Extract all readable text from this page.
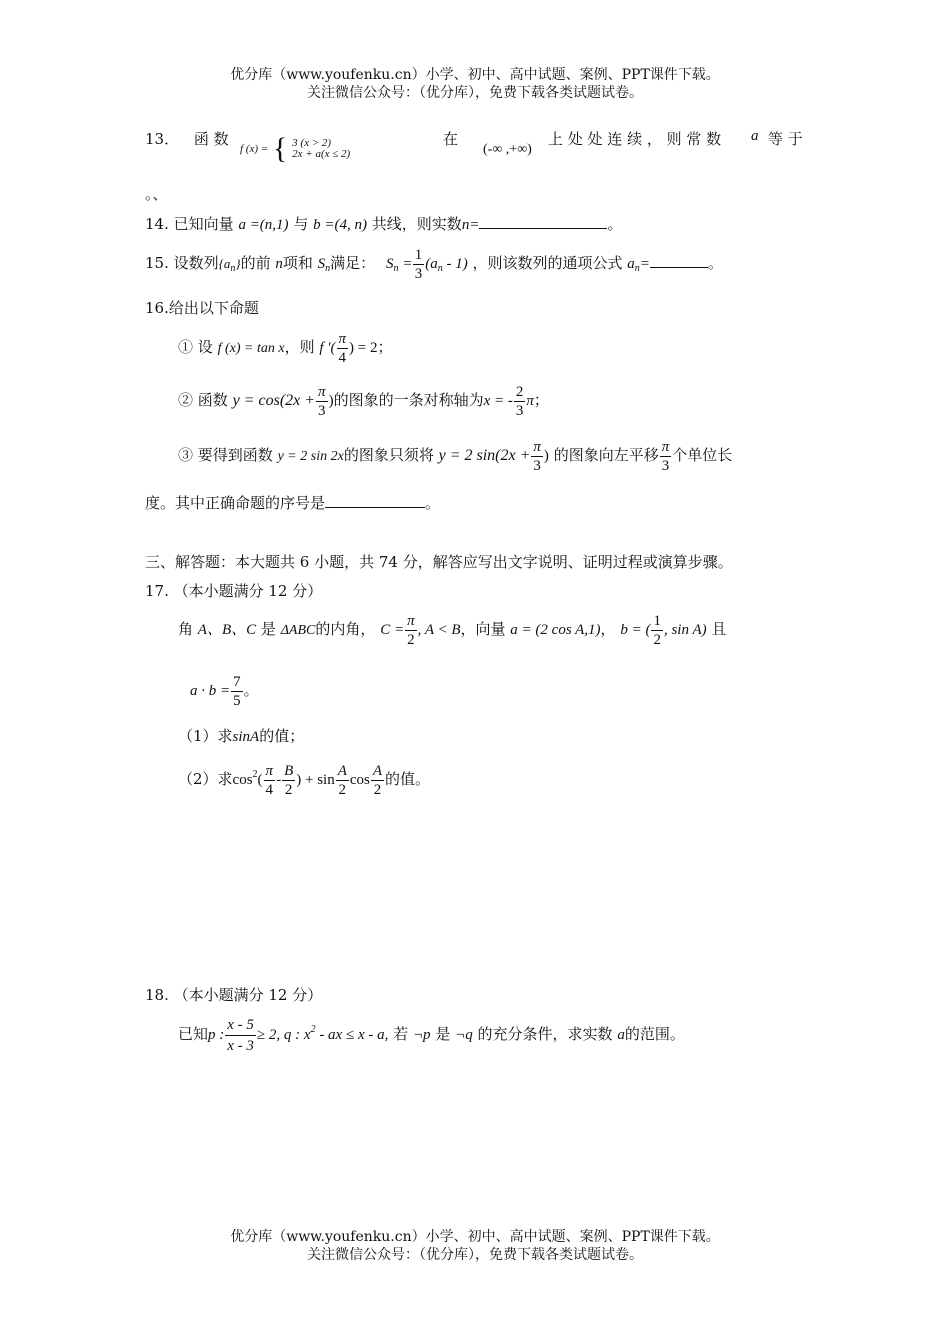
优分库（www.youfenku.cn）小学、初中、高中试题、案例、PPT课件下载。
关注微信公众号：（优分库），免费下载各类试题试卷。
13． 函 数
f (x) = { 3 (x > 2)
2x + a(x ≤ 2)
在
(-∞ ,+∞)
上 处 处 连 续 ， 则 常 数 a 等 于
。、
14. 已知向量 a =(n,1) 与 b =(4, n) 共线，则实数n=	。
15. 设数列$\{a_n\}$的前 n项和 $S_n$满足： $S_n = \frac{1}{3} (a_n - 1)$ ，则该数列的通项公式 $a_n=$	。
16.给出以下命题
① 设 f (x) = tan x，则 f '( $\frac{\pi}{4}$ ) = 2；
② 函数 $y = \cos(2x + \frac{\pi}{3}$ )的图象的一条对称轴为x = - $\frac{2}{3}$ π；
③ 要得到函数 y = 2 sin 2x的图象只须将 y = 2 $\sin(2x + \frac{\pi}{3}$ ) 的图象向左平移 $\frac{\pi}{3}$ 个单位长
度。其中正确命题的序号是	。
三、解答题：本大题共 6 小题，共 74 分，解答应写出文字说明、证明过程或演算步骤。
17. （本小题满分 12 分）
角 A、B、C 是 ΔABC的内角， $C = \frac{\pi}{2}$ , A < B，向量 a = (2 cos A,1)， b = ( $\frac{1}{2}$ , sin A) 且
$a \cdot b = \frac{7}{5}$ 。
（1）求sinA的值；
（2）求$\cos^2( \frac{\pi}{4} - \frac{B}{2}$ ) + $\sin \frac{A}{2}$ $\cos \frac{A}{2}$ 的值。
18. （本小题满分 12 分）
已知p : $\frac{x - 5}{x - 3} \ge 2$, q : $x^2$ - ax ≤ x - a, 若 ¬p 是 ¬q 的充分条件，求实数 a的范围。
优分库（www.youfenku.cn）小学、初中、高中试题、案例、PPT课件下载。
关注微信公众号：（优分库），免费下载各类试题试卷。
